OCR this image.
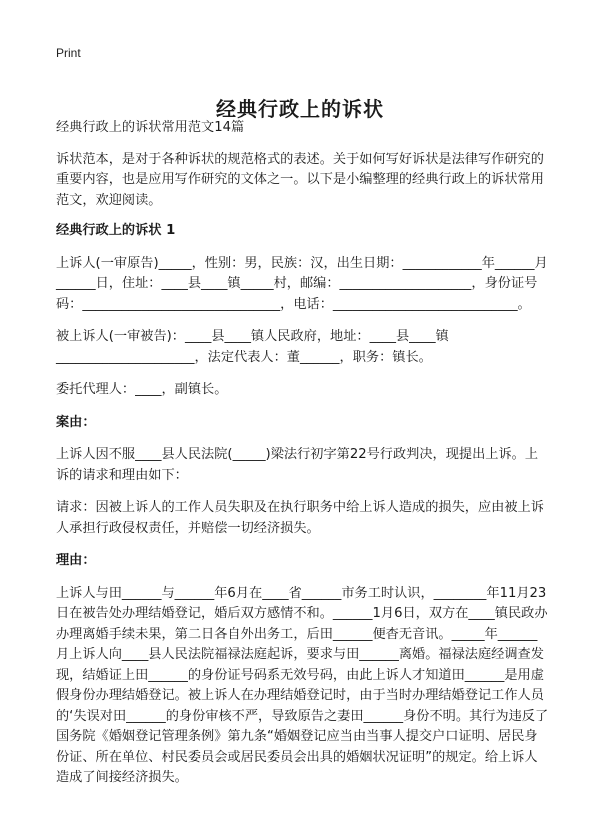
Print
经典行政上的诉状

经典行政上的诉状常用范文14篇

诉状范本，是对于各种诉状的规范格式的表述。关于如何写好诉状是法律写作研究的重要内容，也是应用写作研究的文体之一。以下是小编整理的经典行政上的诉状常用范文，欢迎阅读。

经典行政上的诉状 1

上诉人(一审原告)_____，性别：男，民族：汉，出生日期：____________年______月______日，住址：____县____镇_____村，邮编：____________________，身份证号码：______________________________，电话：____________________________。

被上诉人(一审被告)：____县____镇人民政府，地址：____县____镇_____________________，法定代表人：董______，职务：镇长。

委托代理人：____，副镇长。

案由：

上诉人因不服____县人民法院(_____)梁法行初字第22号行政判决，现提出上诉。上诉的请求和理由如下：

请求：因被上诉人的工作人员失职及在执行职务中给上诉人造成的损失，应由被上诉人承担行政侵权责任，并赔偿一切经济损失。

理由：

上诉人与田______与______年6月在____省______市务工时认识，________年11月23日在被告处办理结婚登记，婚后双方感情不和。______1月6日，双方在____镇民政办办理离婚手续未果，第二日各自外出务工，后田______便杳无音讯。_____年______月上诉人向____县人民法院福禄法庭起诉，要求与田______离婚。福禄法庭经调查发现，结婚证上田______的身份证号码系无效号码，由此上诉人才知道田______是用虚假身份办理结婚登记。被上诉人在办理结婚登记时，由于当时办理结婚登记工作人员的‘失误对田______的身份审核不严，导致原告之妻田______身份不明。其行为违反了国务院《婚姻登记管理条例》第九条“婚姻登记应当由当事人提交户口证明、居民身份证、所在单位、村民委员会或居民委员会出具的婚姻状况证明”的规定。给上诉人造成了间接经济损失。
